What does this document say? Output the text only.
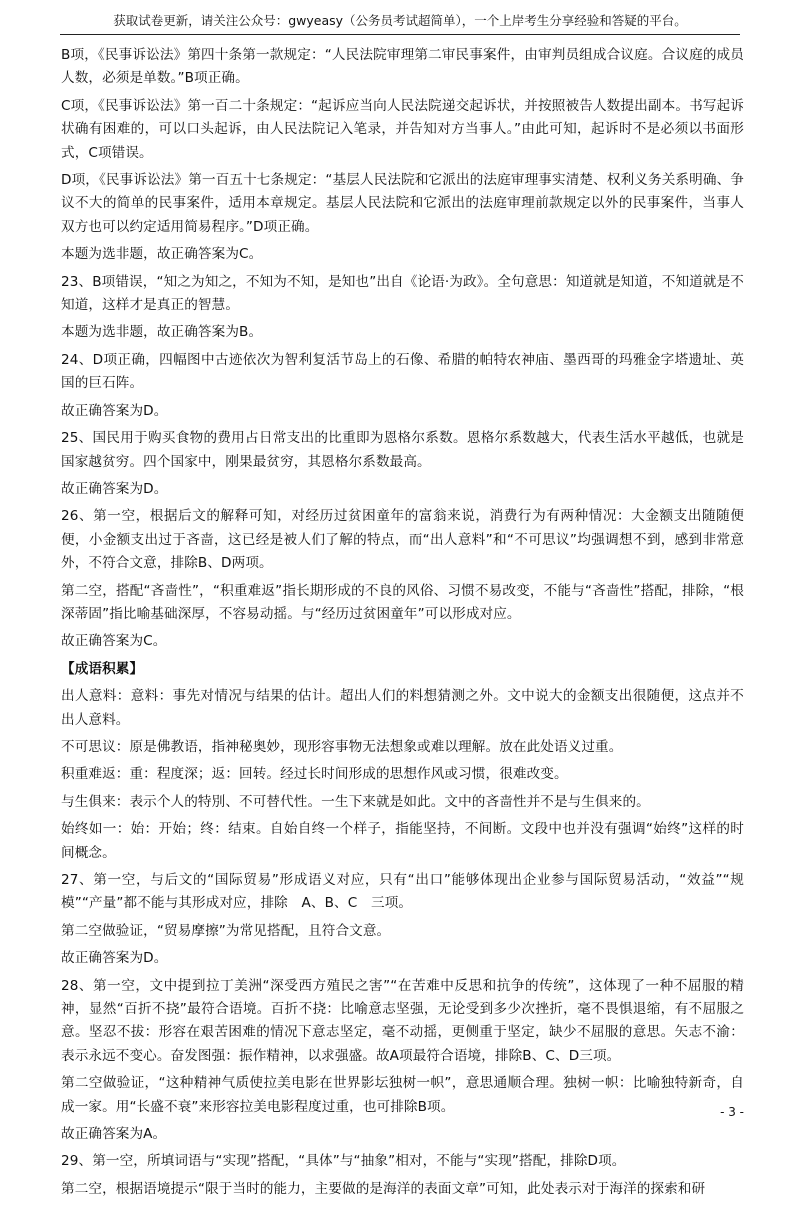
获取试卷更新，请关注公众号：gwyeasy（公务员考试超简单），一个上岸考生分享经验和答疑的平台。

B项，《民事诉讼法》第四十条第一款规定：“人民法院审理第二审民事案件，由审判员组成合议庭。合议庭的成员人数，必须是单数。”B项正确。

C项，《民事诉讼法》第一百二十条规定：“起诉应当向人民法院递交起诉状，并按照被告人数提出副本。书写起诉状确有困难的，可以口头起诉，由人民法院记入笔录，并告知对方当事人。”由此可知，起诉时不是必须以书面形式，C项错误。

D项，《民事诉讼法》第一百五十七条规定：“基层人民法院和它派出的法庭审理事实清楚、权利义务关系明确、争议不大的简单的民事案件，适用本章规定。基层人民法院和它派出的法庭审理前款规定以外的民事案件，当事人双方也可以约定适用简易程序。”D项正确。

本题为选非题，故正确答案为C。

23、B项错误，“知之为知之，不知为不知，是知也”出自《论语·为政》。全句意思：知道就是知道，不知道就是不知道，这样才是真正的智慧。

本题为选非题，故正确答案为B。

24、D项正确，四幅图中古迹依次为智利复活节岛上的石像、希腊的帕特农神庙、墨西哥的玛雅金字塔遗址、英国的巨石阵。

故正确答案为D。

25、国民用于购买食物的费用占日常支出的比重即为恩格尔系数。恩格尔系数越大，代表生活水平越低，也就是国家越贫穷。四个国家中，刚果最贫穷，其恩格尔系数最高。

故正确答案为D。

26、第一空，根据后文的解释可知，对经历过贫困童年的富翁来说，消费行为有两种情况：大金额支出随随便便，小金额支出过于吝啬，这已经是被人们了解的特点，而“出人意料”和“不可思议”均强调想不到，感到非常意外，不符合文意，排除B、D两项。

第二空，搭配“吝啬性”，“积重难返”指长期形成的不良的风俗、习惯不易改变，不能与“吝啬性”搭配，排除，“根深蒂固”指比喻基础深厚，不容易动摇。与“经历过贫困童年”可以形成对应。

故正确答案为C。

【成语积累】

出人意料：意料：事先对情况与结果的估计。超出人们的料想猜测之外。文中说大的金额支出很随便，这点并不出人意料。

不可思议：原是佛教语，指神秘奥妙，现形容事物无法想象或难以理解。放在此处语义过重。

积重难返：重：程度深；返：回转。经过长时间形成的思想作风或习惯，很难改变。

与生俱来：表示个人的特別、不可替代性。一生下来就是如此。文中的吝啬性并不是与生俱来的。

始终如一：始：开始；终：结束。自始自终一个样子，指能坚持，不间断。文段中也并没有强调“始终”这样的时间概念。

27、第一空，与后文的“国际贸易”形成语义对应，只有“出口”能够体现出企业参与国际贸易活动，“效益”“规模”“产量”都不能与其形成对应，排除　A、B、C　三项。

第二空做验证，“贸易摩擦”为常见搭配，且符合文意。

故正确答案为D。

28、第一空，文中提到拉丁美洲“深受西方殖民之害”“在苦难中反思和抗争的传统”，这体现了一种不屈服的精神，显然“百折不挠”最符合语境。百折不挠：比喻意志坚强，无论受到多少次挫折，毫不畏惧退缩，有不屈服之意。坚忍不拔：形容在艰苦困难的情况下意志坚定，毫不动摇，更侧重于坚定，缺少不屈服的意思。矢志不渝：表示永远不变心。奋发图强：振作精神，以求强盛。故A项最符合语境，排除B、C、D三项。

第二空做验证，“这种精神气质使拉美电影在世界影坛独树一帜”，意思通顺合理。独树一帜：比喻独特新奇，自成一家。用“长盛不衰”来形容拉美电影程度过重，也可排除B项。

故正确答案为A。

29、第一空，所填词语与“实现”搭配，“具体”与“抽象”相对，不能与“实现”搭配，排除D项。

第二空，根据语境提示“限于当时的能力，主要做的是海洋的表面文章”可知，此处表示对于海洋的探索和研

- 3 -
